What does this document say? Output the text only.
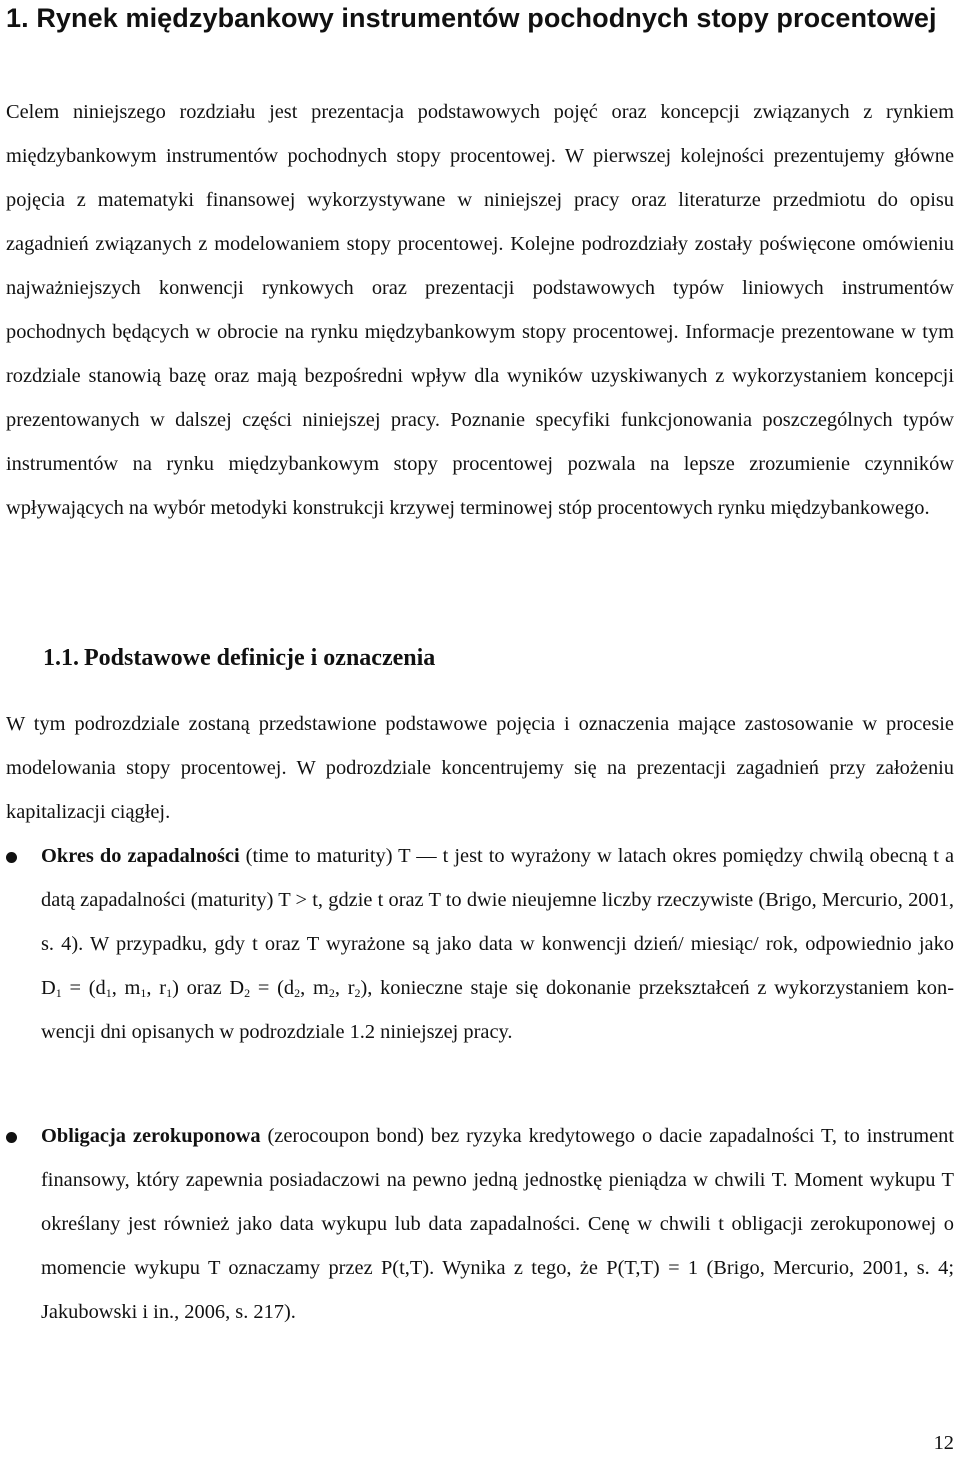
1. Rynek międzybankowy instrumentów pochodnych stopy procentowej

Celem niniejszego rozdziału jest prezentacja podstawowych pojęć oraz koncepcji związanych z rynkiem międzybankowym instrumentów pochodnych stopy procentowej. W pierwszej kolejności prezentujemy główne pojęcia z matematyki finansowej wykorzystywane w niniejszej pracy oraz literaturze przedmiotu do opisu zagadnień związanych z modelowaniem stopy procentowej. Kolejne podrozdziały zostały poświęcone omówieniu najważniejszych konwencji rynkowych oraz prezentacji podstawowych typów liniowych instrumentów pochodnych będących w obrocie na rynku międzybankowym stopy procentowej. Informacje prezentowane w tym rozdziale stanowią bazę oraz mają bezpośredni wpływ dla wyników uzyskiwanych z wykorzystaniem koncepcji prezentowanych w dalszej części niniejszej pracy. Poznanie specyfiki funkcjonowania poszczególnych typów instrumentów na rynku międzybankowym stopy procentowej pozwala na lepsze zrozumienie czynników wpływających na wybór metodyki konstrukcji krzywej terminowej stóp procentowych rynku międzybankowego.

1.1. Podstawowe definicje i oznaczenia

W tym podrozdziale zostaną przedstawione podstawowe pojęcia i oznaczenia mające zastosowanie w procesie modelowania stopy procentowej. W podrozdziale koncentrujemy się na prezentacji zagadnień przy założeniu kapitalizacji ciągłej.

Okres do zapadalności (time to maturity) T — t jest to wyrażony w latach okres pomiędzy chwilą obecną t a datą zapadalności (maturity) T > t, gdzie t oraz T to dwie nieujemne liczby rzeczywiste (Brigo, Mercurio, 2001, s. 4). W przypadku, gdy t oraz T wyrażone są jako data w konwencji dzień/ miesiąc/ rok, odpowiednio jako $D_1 = (d_1$, $m_1$, $r_1$) oraz $D_2 = (d_2$, $m_2$, $r_2$), konieczne staje się dokonanie przekształceń z wykorzystaniem konwencji dni opisanych w podrozdziale 1.2 niniejszej pracy.

Obligacja zerokuponowa (zerocoupon bond) bez ryzyka kredytowego o dacie zapadalności T, to instrument finansowy, który zapewnia posiadaczowi na pewno jedną jednostkę pieniądza w chwili T. Moment wykupu T określany jest również jako data wykupu lub data zapadalności. Cenę w chwili t obligacji zerokuponowej o momencie wykupu T oznaczamy przez P(t,T). Wynika z tego, że P(T,T) = 1 (Brigo, Mercurio, 2001, s. 4; Jakubowski i in., 2006, s. 217).

12
